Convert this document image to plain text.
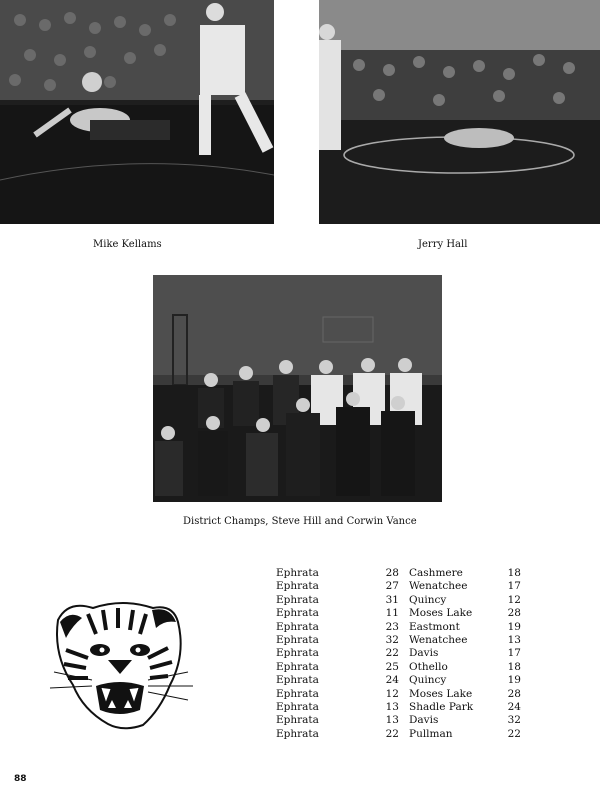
Mike Kellams	Jerry Hall
District Champs, Steve Hill and Corwin Vance
Ephrata	28 Cashmere	18
Ephrata	27 Wenatchee	17
Ephrata	31 Quincy	12
Ephrata	11 Moses Lake	28
Ephrata	23 Eastmont	19
Ephrata	32 Wenatchee	13
Ephrata	22 Davis	17
Ephrata	25 Othello	18
Ephrata	24 Quincy	19
Ephrata	12 Moses Lake	28
Ephrata	13 Shadle Park	24
Ephrata	13 Davis	32
Ephrata	22 Pullman	22
88
